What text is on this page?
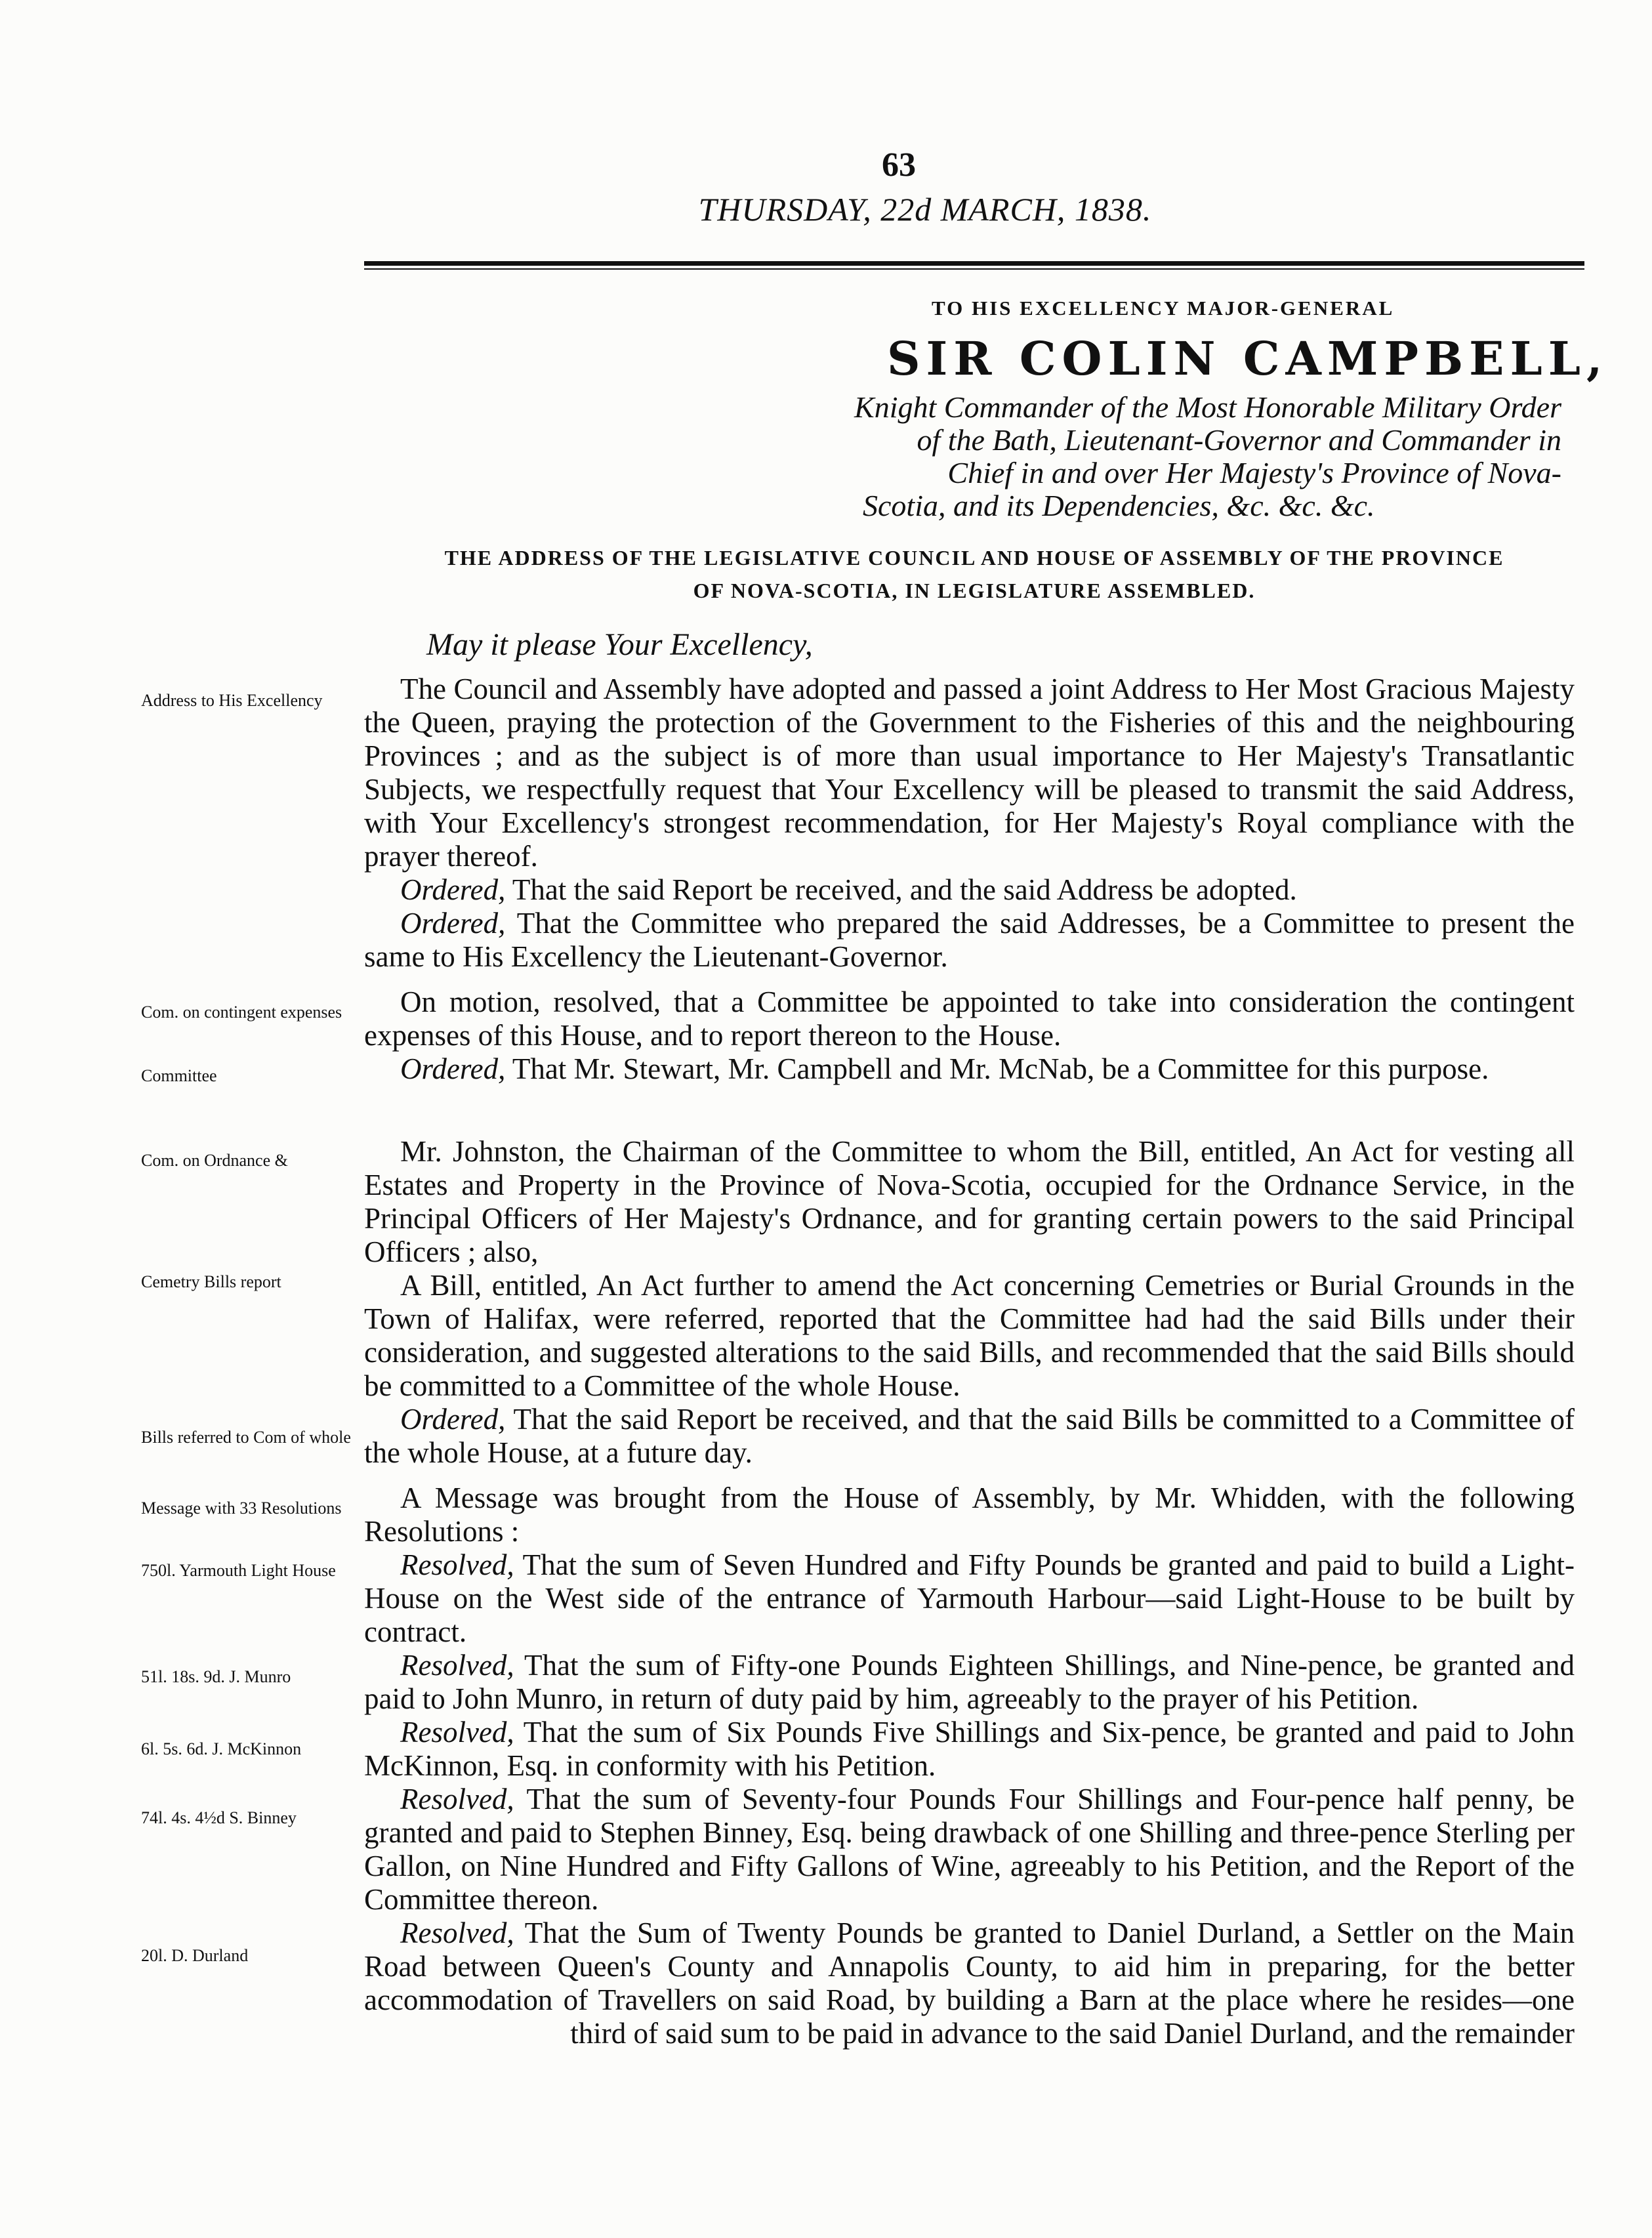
63
THURSDAY, 22d MARCH, 1838.
TO HIS EXCELLENCY MAJOR-GENERAL
SIR COLIN CAMPBELL,
Knight Commander of the Most Honorable Military Order
of the Bath, Lieutenant-Governor and Commander in
Chief in and over Her Majesty's Province of Nova-
Scotia, and its Dependencies, &c. &c. &c.
THE ADDRESS OF THE LEGISLATIVE COUNCIL AND HOUSE OF ASSEMBLY OF THE PROVINCE
OF NOVA-SCOTIA, IN LEGISLATURE ASSEMBLED.
May it please Your Excellency,
Address to His Excellency
Com. on contingent expenses
Committee
Com. on Ordnance &
Cemetry Bills report
Bills referred to Com of whole
Message with 33 Resolutions
750l. Yarmouth Light House
51l. 18s. 9d. J. Munro
6l. 5s. 6d. J. McKinnon
74l. 4s. 4½d S. Binney
20l. D. Durland

The Council and Assembly have adopted and passed a joint Address to Her Most Gracious Majesty the Queen, praying the protection of the Government to the Fisheries of this and the neighbouring Provinces ; and as the subject is of more than usual importance to Her Majesty's Transatlantic Subjects, we respectfully request that Your Excellency will be pleased to transmit the said Address, with Your Excellency's strongest recommendation, for Her Majesty's Royal compliance with the prayer thereof.

Ordered, That the said Report be received, and the said Address be adopted.

Ordered, That the Committee who prepared the said Addresses, be a Committee to present the same to His Excellency the Lieutenant-Governor.

On motion, resolved, that a Committee be appointed to take into consideration the contingent expenses of this House, and to report thereon to the House.

Ordered, That Mr. Stewart, Mr. Campbell and Mr. McNab, be a Committee for this purpose.

Mr. Johnston, the Chairman of the Committee to whom the Bill, entitled, An Act for vesting all Estates and Property in the Province of Nova-Scotia, occupied for the Ordnance Service, in the Principal Officers of Her Majesty's Ordnance, and for granting certain powers to the said Principal Officers ; also,

A Bill, entitled, An Act further to amend the Act concerning Cemetries or Burial Grounds in the Town of Halifax, were referred, reported that the Committee had had the said Bills under their consideration, and suggested alterations to the said Bills, and recommended that the said Bills should be committed to a Committee of the whole House.

Ordered, That the said Report be received, and that the said Bills be committed to a Committee of the whole House, at a future day.

A Message was brought from the House of Assembly, by Mr. Whidden, with the following Resolutions :

Resolved, That the sum of Seven Hundred and Fifty Pounds be granted and paid to build a Light-House on the West side of the entrance of Yarmouth Harbour—said Light-House to be built by contract.

Resolved, That the sum of Fifty-one Pounds Eighteen Shillings, and Nine-pence, be granted and paid to John Munro, in return of duty paid by him, agreeably to the prayer of his Petition.

Resolved, That the sum of Six Pounds Five Shillings and Six-pence, be granted and paid to John McKinnon, Esq. in conformity with his Petition.

Resolved, That the sum of Seventy-four Pounds Four Shillings and Four-pence half penny, be granted and paid to Stephen Binney, Esq. being drawback of one Shilling and three-pence Sterling per Gallon, on Nine Hundred and Fifty Gallons of Wine, agreeably to his Petition, and the Report of the Committee thereon.

Resolved, That the Sum of Twenty Pounds be granted to Daniel Durland, a Settler on the Main Road between Queen's County and Annapolis County, to aid him in preparing, for the better accommodation of Travellers on said Road, by building a Barn at the place where he resides—one third of said sum to be paid in advance to the said Daniel Durland, and the remainder
